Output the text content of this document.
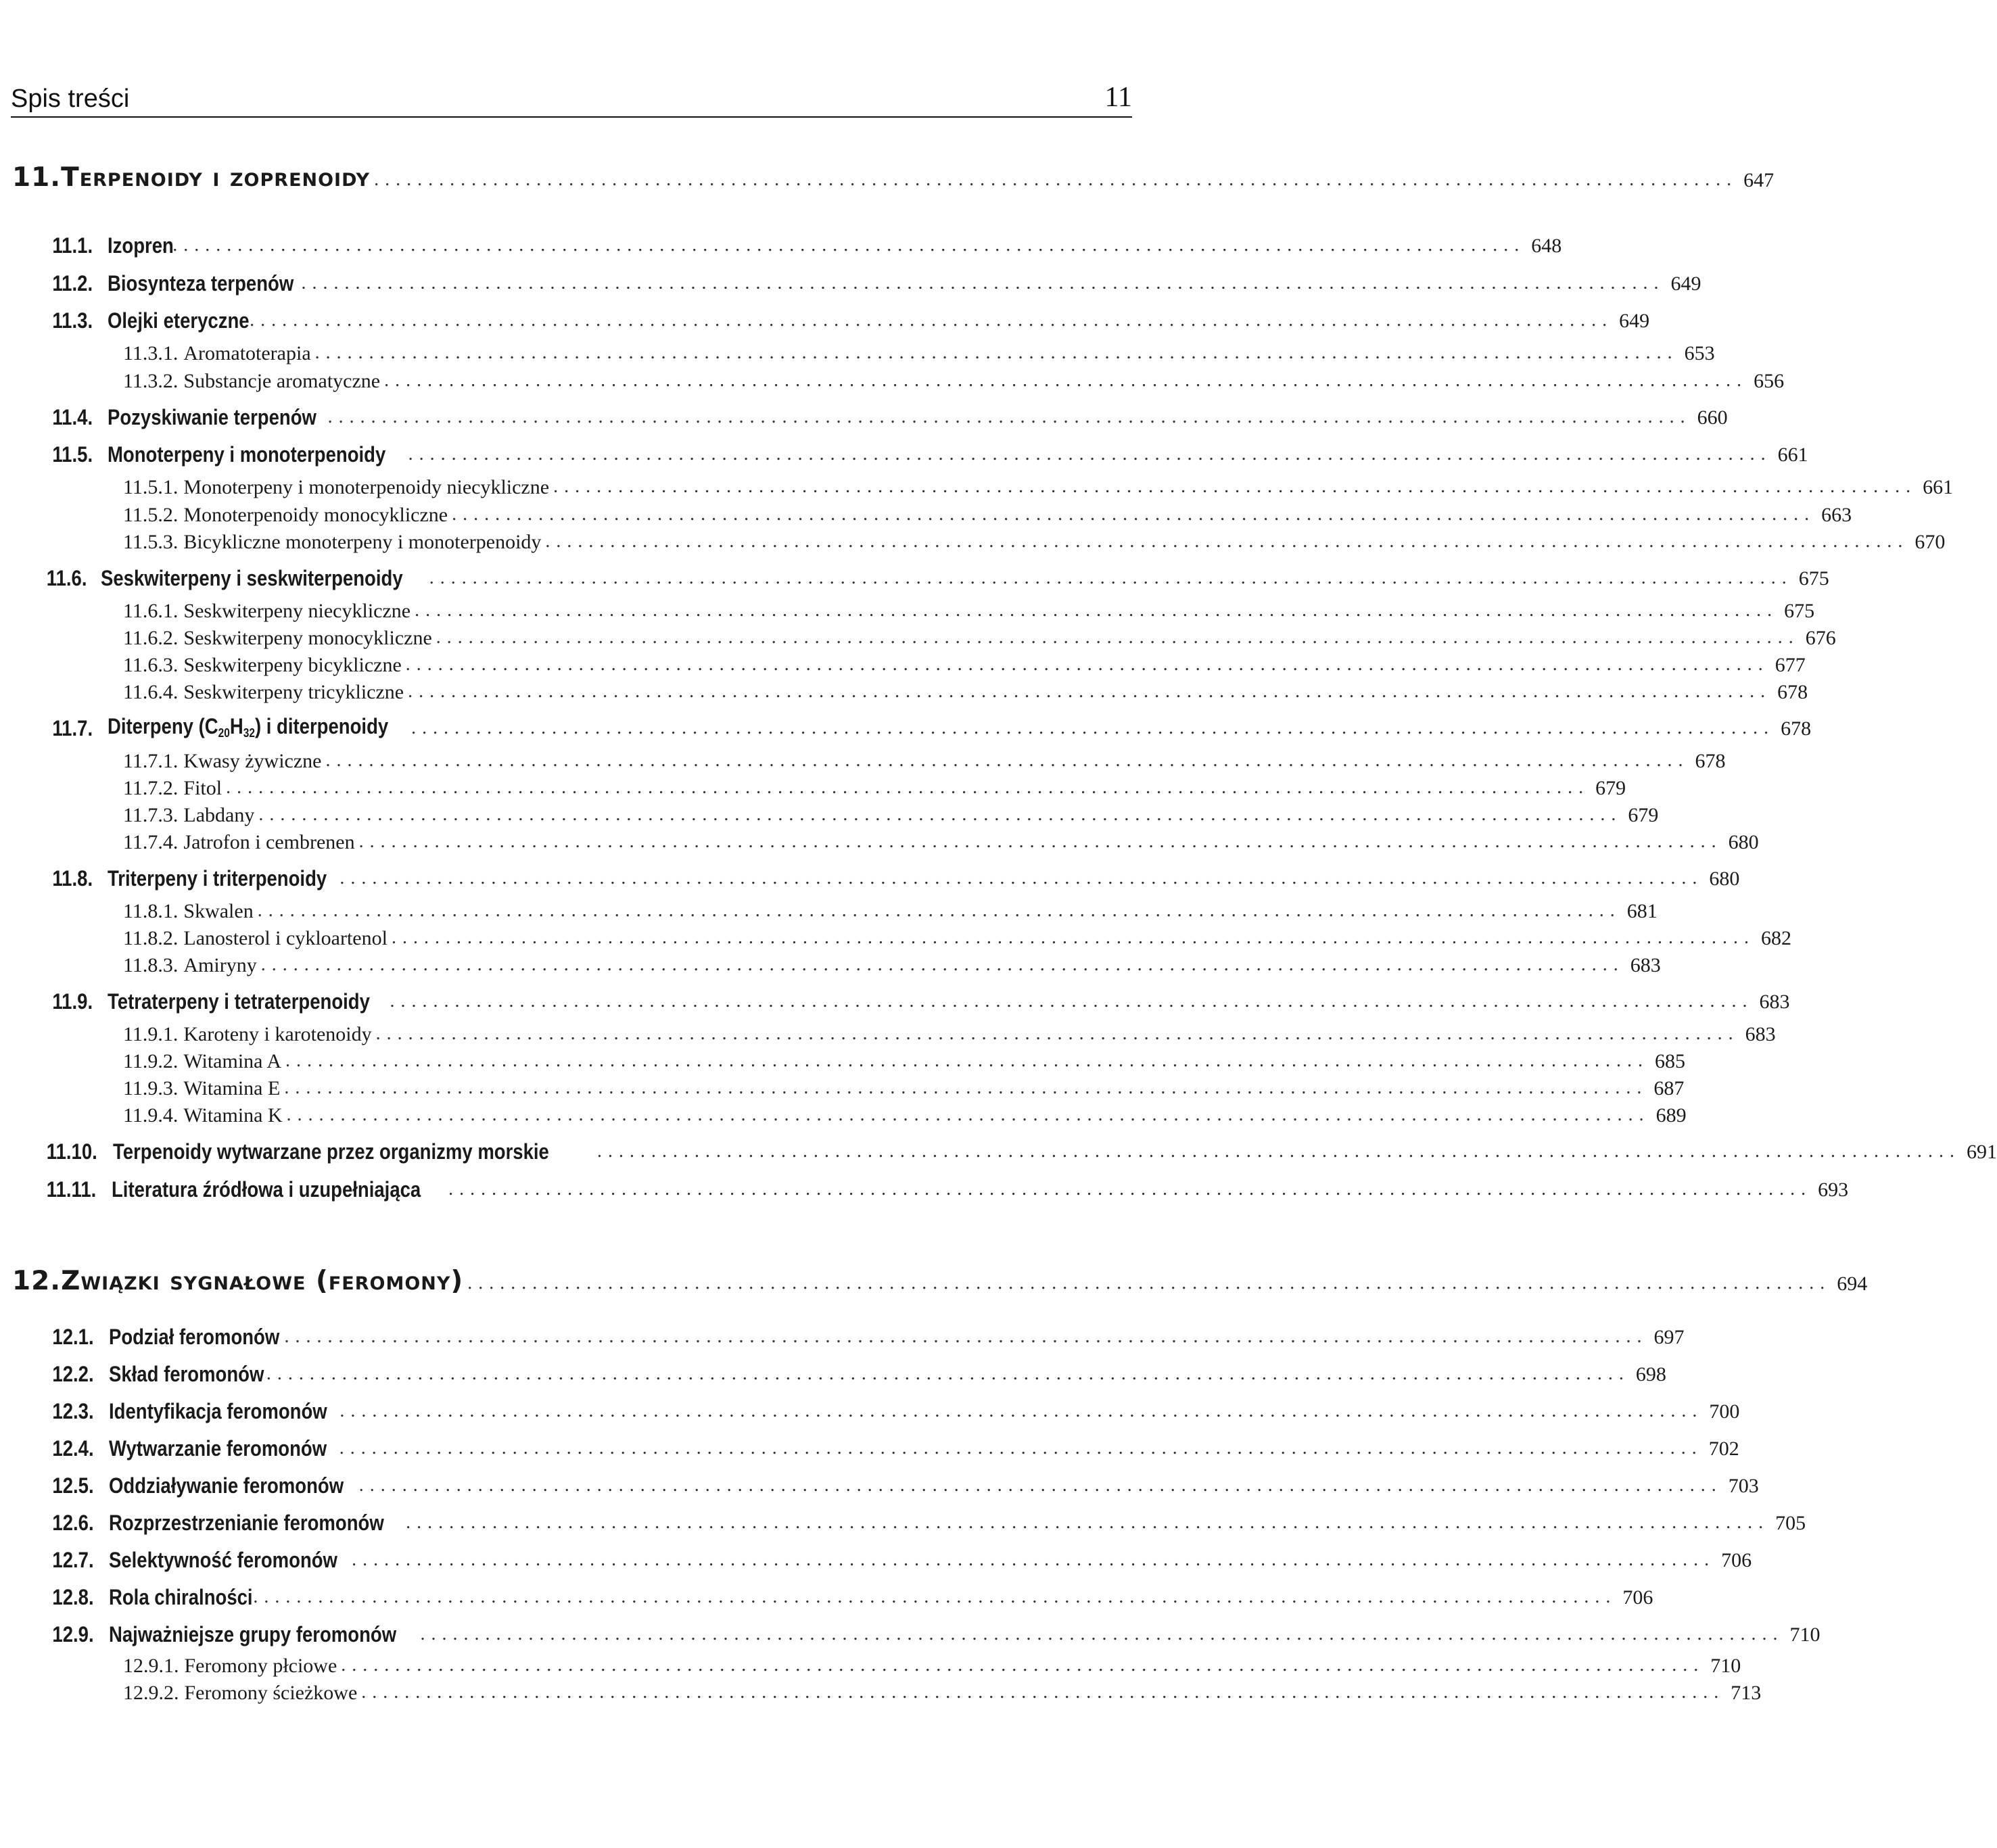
Spis treści	11
11. Terpenoidy i zoprenoidy .............................................................................................................................. 647
11.1. Izopren
.............................................................................................................................. 648
11.2. Biosynteza terpenów .............................................................................................................................. 649
11.3. Olejki eteryczne .............................................................................................................................. 649
11.3.1. Aromatoterapia .............................................................................................................................. 653
11.3.2. Substancje aromatyczne .............................................................................................................................. 656
11.4. Pozyskiwanie terpenów .............................................................................................................................. 660
11.5. Monoterpeny i monoterpenoidy .............................................................................................................................. 661
11.5.1. Monoterpeny i monoterpenoidy niecykliczne .............................................................................................................................. 661
11.5.2. Monoterpenoidy monocykliczne .............................................................................................................................. 663
11.5.3. Bicykliczne monoterpeny i monoterpenoidy .............................................................................................................................. 670
11.6. Seskwiterpeny i seskwiterpenoidy .............................................................................................................................. 675
11.6.1. Seskwiterpeny niecykliczne .............................................................................................................................. 675
11.6.2. Seskwiterpeny monocykliczne .............................................................................................................................. 676
11.6.3. Seskwiterpeny bicykliczne .............................................................................................................................. 677
11.6.4. Seskwiterpeny tricykliczne .............................................................................................................................. 678
11.7. Diterpeny $(C_{20}H_{32})$ i diterpenoidy .............................................................................................................................. 678
11.7.1. Kwasy żywiczne .............................................................................................................................. 678
11.7.2. Fitol .............................................................................................................................. 679
11.7.3. Labdany .............................................................................................................................. 679
11.7.4. Jatrofon i cembrenen .............................................................................................................................. 680
11.8. Triterpeny i triterpenoidy .............................................................................................................................. 680
11.8.1. Skwalen .............................................................................................................................. 681
11.8.2. Lanosterol i cykloartenol .............................................................................................................................. 682
11.8.3. Amiryny .............................................................................................................................. 683
11.9. Tetraterpeny i tetraterpenoidy .............................................................................................................................. 683
11.9.1. Karoteny i karotenoidy .............................................................................................................................. 683
11.9.2. Witamina A .............................................................................................................................. 685
11.9.3. Witamina E .............................................................................................................................. 687
11.9.4. Witamina K .............................................................................................................................. 689
11.10. Terpenoidy wytwarzane przez organizmy morskie	.............................................................................................................................. 691
11.11. Literatura źródłowa i uzupełniająca .............................................................................................................................. 693
12. Związki sygnałowe (feromony) .............................................................................................................................. 694
12.1. Podział feromonów .............................................................................................................................. 697
12.2. Skład feromonów .............................................................................................................................. 698
12.3. Identyfikacja feromonów .............................................................................................................................. 700
12.4. Wytwarzanie feromonów .............................................................................................................................. 702
12.5. Oddziaływanie feromonów .............................................................................................................................. 703
12.6. Rozprzestrzenianie feromonów .............................................................................................................................. 705
12.7. Selektywność feromonów .............................................................................................................................. 706
12.8. Rola chiralności .............................................................................................................................. 706
12.9. Najważniejsze grupy feromonów .............................................................................................................................. 710
12.9.1. Feromony płciowe .............................................................................................................................. 710
12.9.2. Feromony ścieżkowe .............................................................................................................................. 713
